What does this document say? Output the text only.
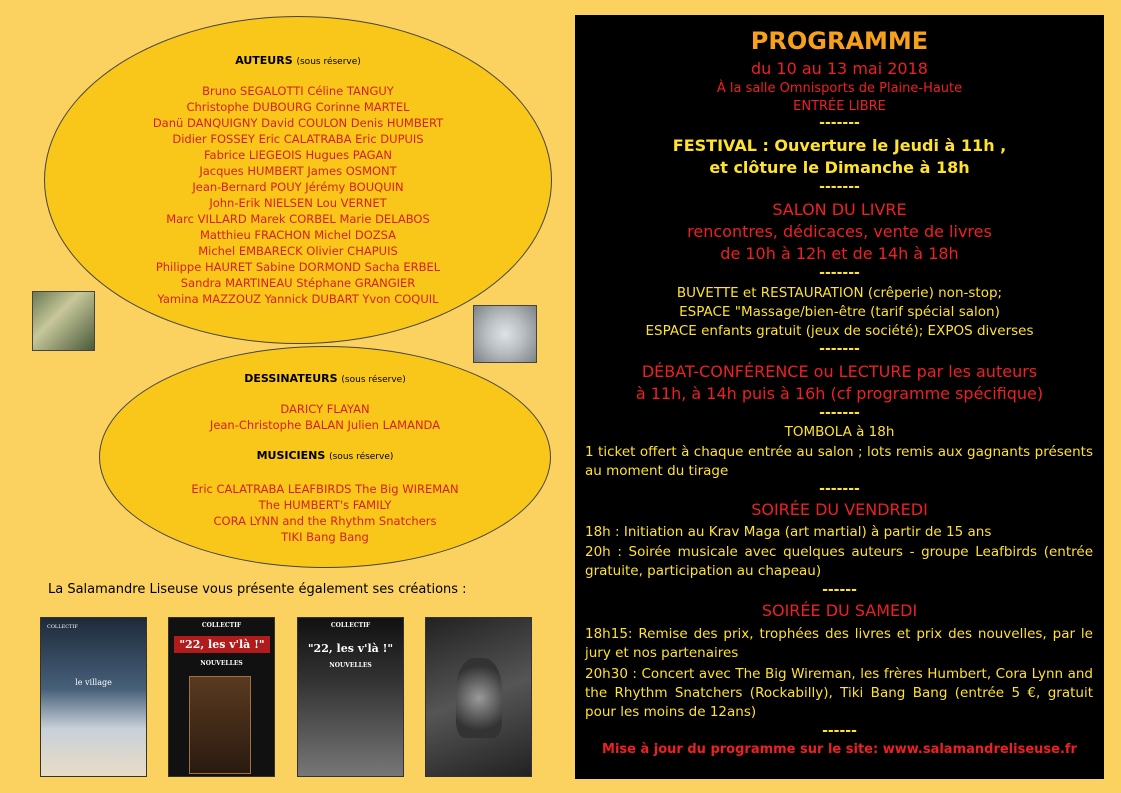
AUTEURS (sous réserve)
Bruno SEGALOTTI Céline TANGUY
Christophe DUBOURG Corinne MARTEL
Danü DANQUIGNY David COULON Denis HUMBERT
Didier FOSSEY Eric CALATRABA Eric DUPUIS
Fabrice LIEGEOIS Hugues PAGAN
Jacques HUMBERT James OSMONT
Jean-Bernard POUY Jérémy BOUQUIN
John-Erik NIELSEN Lou VERNET
Marc VILLARD Marek CORBEL Marie DELABOS
Matthieu FRACHON Michel DOZSA
Michel EMBARECK Olivier CHAPUIS
Philippe HAURET Sabine DORMOND Sacha ERBEL
Sandra MARTINEAU Stéphane GRANGIER
Yamina MAZZOUZ Yannick DUBART Yvon COQUIL
DESSINATEURS (sous réserve)
DARICY FLAYAN
Jean-Christophe BALAN Julien LAMANDA
MUSICIENS (sous réserve)
Eric CALATRABA LEAFBIRDS The Big WIREMAN
The HUMBERT's FAMILY
CORA LYNN and the Rhythm Snatchers
TIKI Bang Bang
La Salamandre Liseuse vous présente également ses créations :
le village
COLLECTIF	COLLECTIF
"22, les v'là !"
NOUVELLES
COLLECTIF
"22, les v'là !"
NOUVELLES
PROGRAMME
du 10 au 13 mai 2018
À la salle Omnisports de Plaine-Haute
ENTRÉE LIBRE
-------
FESTIVAL : Ouverture le Jeudi à 11h ,
et clôture le Dimanche à 18h
-------
SALON DU LIVRE
rencontres, dédicaces, vente de livres
de 10h à 12h et de 14h à 18h
-------
BUVETTE et RESTAURATION (crêperie) non-stop;
ESPACE "Massage/bien-être (tarif spécial salon)
ESPACE enfants gratuit (jeux de société); EXPOS diverses
-------
DÉBAT-CONFÉRENCE ou LECTURE par les auteurs
à 11h, à 14h puis à 16h (cf programme spécifique)
-------
TOMBOLA à 18h
1 ticket offert à chaque entrée au salon ; lots remis aux gagnants présents au moment du tirage
-------
SOIRÉE DU VENDREDI
18h : Initiation au Krav Maga (art martial) à partir de 15 ans
20h : Soirée musicale avec quelques auteurs - groupe Leafbirds (entrée gratuite, participation au chapeau)
------
SOIRÉE DU SAMEDI
18h15: Remise des prix, trophées des livres et prix des nouvelles, par le jury et nos partenaires
20h30 : Concert avec The Big Wireman, les frères Humbert, Cora Lynn and the Rhythm Snatchers (Rockabilly), Tiki Bang Bang (entrée 5 €, gratuit pour les moins de 12ans)
------
Mise à jour du programme sur le site: www.salamandreliseuse.fr
